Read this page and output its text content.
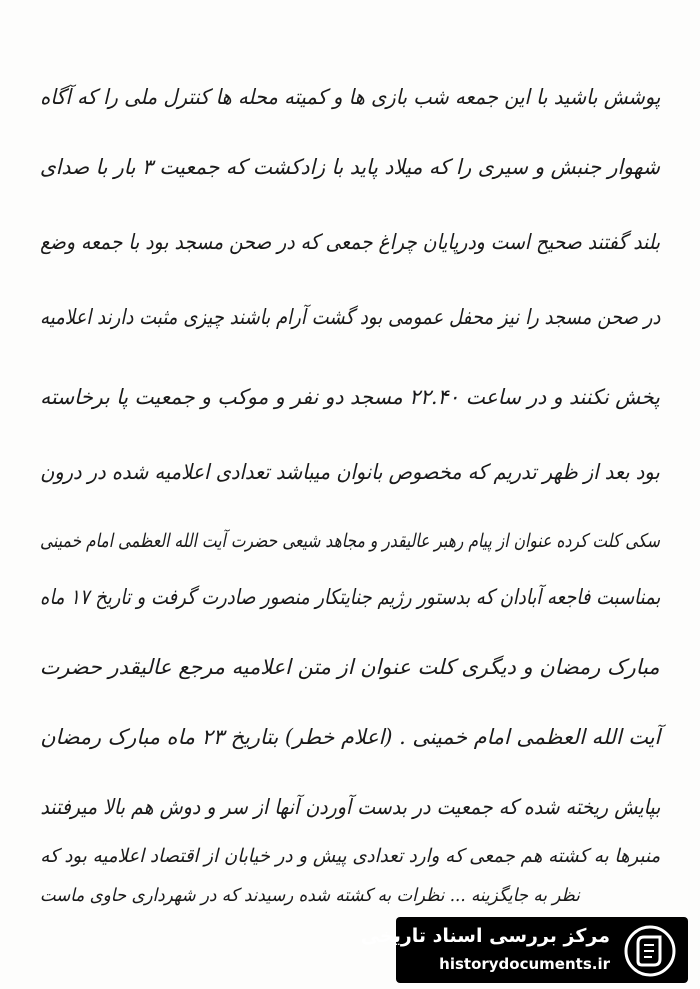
پوشش باشید با این جمعه شب بازی ها و کمیته محله ها کنترل ملی را که آگاه
شهوار جنبش و سیری را که میلاد پاید با زادکشت که جمعیت ۳ بار با صدای
بلند گفتند صحیح است ودرپایان چراغ جمعی که در صحن مسجد بود با جمعه وضع
در صحن مسجد را نیز محفل عمومی بود گشت آرام باشند چیزی مثبت دارند اعلامیه
پخش نکنند و در ساعت ۲۲.۴۰ مسجد دو نفر و موکب و جمعیت پا برخاسته
بود بعد از ظهر تدریم که مخصوص بانوان میباشد تعدادی اعلامیه شده در درون
سکی کلت کرده عنوان از پیام رهبر عالیقدر و مجاهد شیعی حضرت آیت الله العظمی امام خمینی
بمناسبت فاجعه آبادان که بدستور رژیم جنایتکار منصور صادرت گرفت و تاریخ ۱۷ ماه
مبارک رمضان و دیگری کلت عنوان از متن اعلامیه مرجع عالیقدر حضرت
آیت الله العظمی امام خمینی . (اعلام خطر) بتاریخ ۲۳ ماه مبارک رمضان
بپایش ریخته شده که جمعیت در بدست آوردن آنها از سر و دوش هم بالا میرفتند
منبرها به کشته هم جمعی که وارد تعدادی پیش و در خیابان از اقتصاد اعلامیه بود که
نظر به جایگزینه ... نظرات به کشته شده رسیدند که در شهرداری حاوی ماست
مرکز بررسی اسناد تاریخی
historydocuments.ir
